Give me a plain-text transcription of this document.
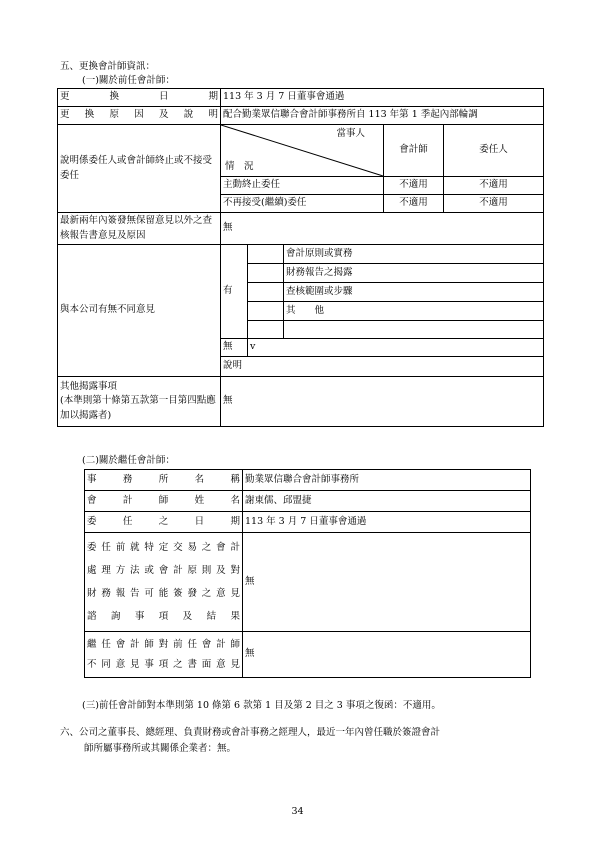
五、更換會計師資訊：
(一)關於前任會計師：
更換日期	113 年 3 月 7 日董事會通過				
更換原因及說明	配合勤業眾信聯合會計師事務所自 113 年第 1 季起內部輪調				
說明係委任人或會計師終止或不接受委任	當事人
情　況			會計師	委任人
	主動終止委任			不適用	不適用
	不再接受(繼續)委任			不適用	不適用
最新兩年內簽發無保留意見以外之查核報告書意見及原因	無				
與本公司有無不同意見	有		會計原則或實務		
			財務報告之揭露		
			查核範圍或步驟		
			其　　他		

	無	v			
	說明				
其他揭露事項
(本準則第十條第五款第一目第四點應加以揭露者)	無				
(二)關於繼任會計師：
事務所名稱	勤業眾信聯合會計師事務所
會計師姓名	謝東儒、邱盟捷
委任之日期	113 年 3 月 7 日董事會通過

委任前就特定交易之會計
處理方法或會計原則及對
財務報告可能簽發之意見
諮詢事項及結果	無

繼任會計師對前任會計師
不同意見事項之書面意見	無
(三)前任會計師對本準則第 10 條第 6 款第 1 目及第 2 目之 3 事項之復函：不適用。
六、公司之董事長、總經理、負責財務或會計事務之經理人，最近一年內曾任職於簽證會計
師所屬事務所或其關係企業者：無。
34
